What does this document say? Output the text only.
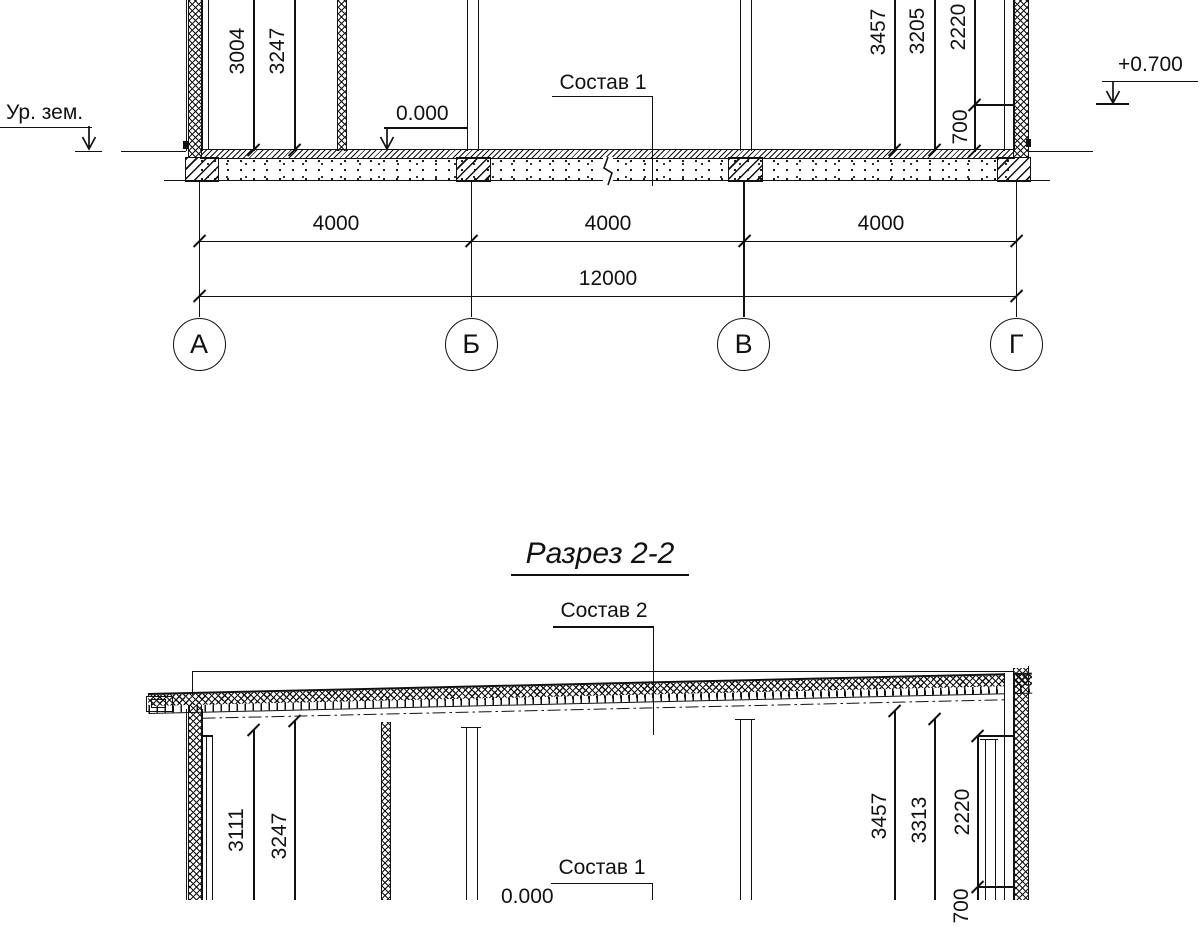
3004 3247	3457 3205 2220
700
Ур. зем.	0.000
Состав 1
+0.700
4000	4000	4000
12000
А	Б	В	Г
Разрез 2-2
Состав 2
3111 3247	3457 3313 2220
700
Состав 1
0.000
